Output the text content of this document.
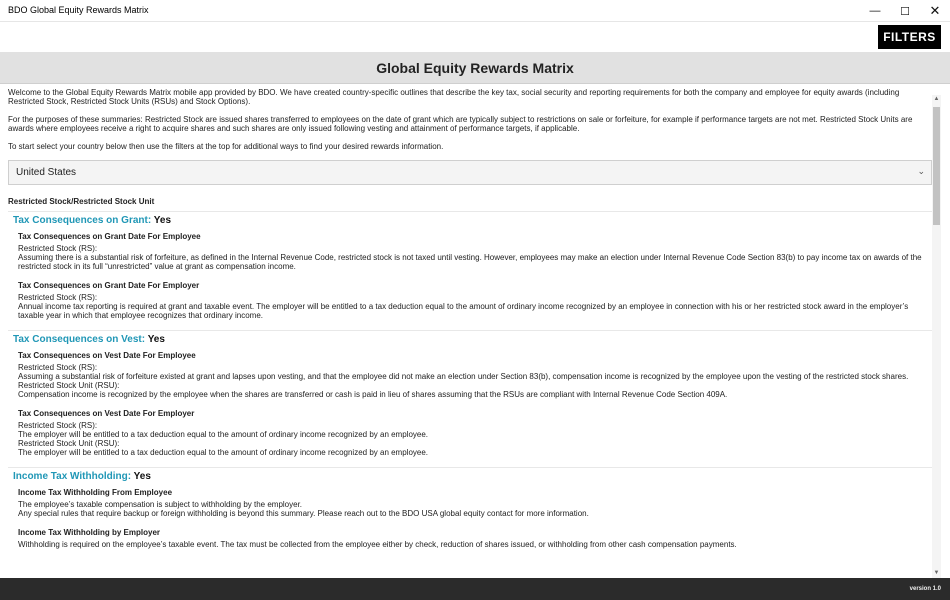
BDO Global Equity Rewards Matrix	—	☐	✕
FILTERS
Global Equity Rewards Matrix
Welcome to the Global Equity Rewards Matrix mobile app provided by BDO. We have created country-specific outlines that describe the key tax, social security and reporting requirements for both the company and employee for equity awards (including Restricted Stock, Restricted Stock Units (RSUs) and Stock Options).
For the purposes of these summaries: Restricted Stock are issued shares transferred to employees on the date of grant which are typically subject to restrictions on sale or forfeiture, for example if performance targets are not met. Restricted Stock Units are awards where employees receive a right to acquire shares and such shares are only issued following vesting and attainment of performance targets, if applicable.
To start select your country below then use the filters at the top for additional ways to find your desired rewards information.
United States	⌄
Restricted Stock/Restricted Stock Unit
Tax Consequences on Grant: Yes
Tax Consequences on Grant Date For Employee
Restricted Stock (RS):
Assuming there is a substantial risk of forfeiture, as defined in the Internal Revenue Code, restricted stock is not taxed until vesting. However, employees may make an election under Internal Revenue Code Section 83(b) to pay income tax on awards of the restricted stock in its full “unrestricted” value at grant as compensation income.
Tax Consequences on Grant Date For Employer
Restricted Stock (RS):
Annual income tax reporting is required at grant and taxable event. The employer will be entitled to a tax deduction equal to the amount of ordinary income recognized by an employee in connection with his or her restricted stock award in the employer’s taxable year in which that employee recognizes that ordinary income.
Tax Consequences on Vest: Yes
Tax Consequences on Vest Date For Employee
Restricted Stock (RS):
Assuming a substantial risk of forfeiture existed at grant and lapses upon vesting, and that the employee did not make an election under Section 83(b), compensation income is recognized by the employee upon the vesting of the restricted stock shares.
Restricted Stock Unit (RSU):
Compensation income is recognized by the employee when the shares are transferred or cash is paid in lieu of shares assuming that the RSUs are compliant with Internal Revenue Code Section 409A.
Tax Consequences on Vest Date For Employer
Restricted Stock (RS):
The employer will be entitled to a tax deduction equal to the amount of ordinary income recognized by an employee.
Restricted Stock Unit (RSU):
The employer will be entitled to a tax deduction equal to the amount of ordinary income recognized by an employee.
Income Tax Withholding: Yes
Income Tax Withholding From Employee
The employee’s taxable compensation is subject to withholding by the employer.
Any special rules that require backup or foreign withholding is beyond this summary. Please reach out to the BDO USA global equity contact for more information.
Income Tax Withholding by Employer
Withholding is required on the employee’s taxable event. The tax must be collected from the employee either by check, reduction of shares issued, or withholding from other cash compensation payments.
▲
▼
version 1.0
